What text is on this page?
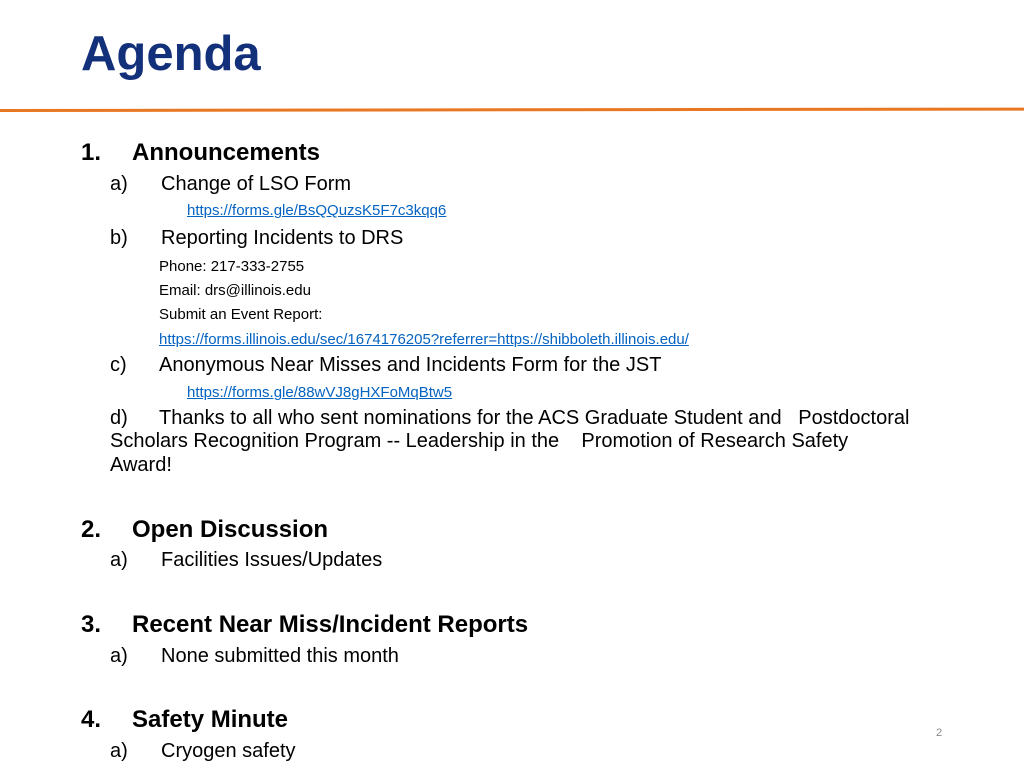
Agenda
1. Announcements
a) Change of LSO Form
https://forms.gle/BsQQuzsK5F7c3kqq6
b) Reporting Incidents to DRS
Phone: 217-333-2755
Email: drs@illinois.edu
Submit an Event Report:
https://forms.illinois.edu/sec/1674176205?referrer=https://shibboleth.illinois.edu/
c) Anonymous Near Misses and Incidents Form for the JST
https://forms.gle/88wVJ8gHXFoMqBtw5
d) Thanks to all who sent nominations for the ACS Graduate Student and   Postdoctoral
Scholars Recognition Program -- Leadership in the    Promotion of Research Safety
Award!
2. Open Discussion
a) Facilities Issues/Updates
3. Recent Near Miss/Incident Reports
a) None submitted this month
4. Safety Minute
a) Cryogen safety
2
